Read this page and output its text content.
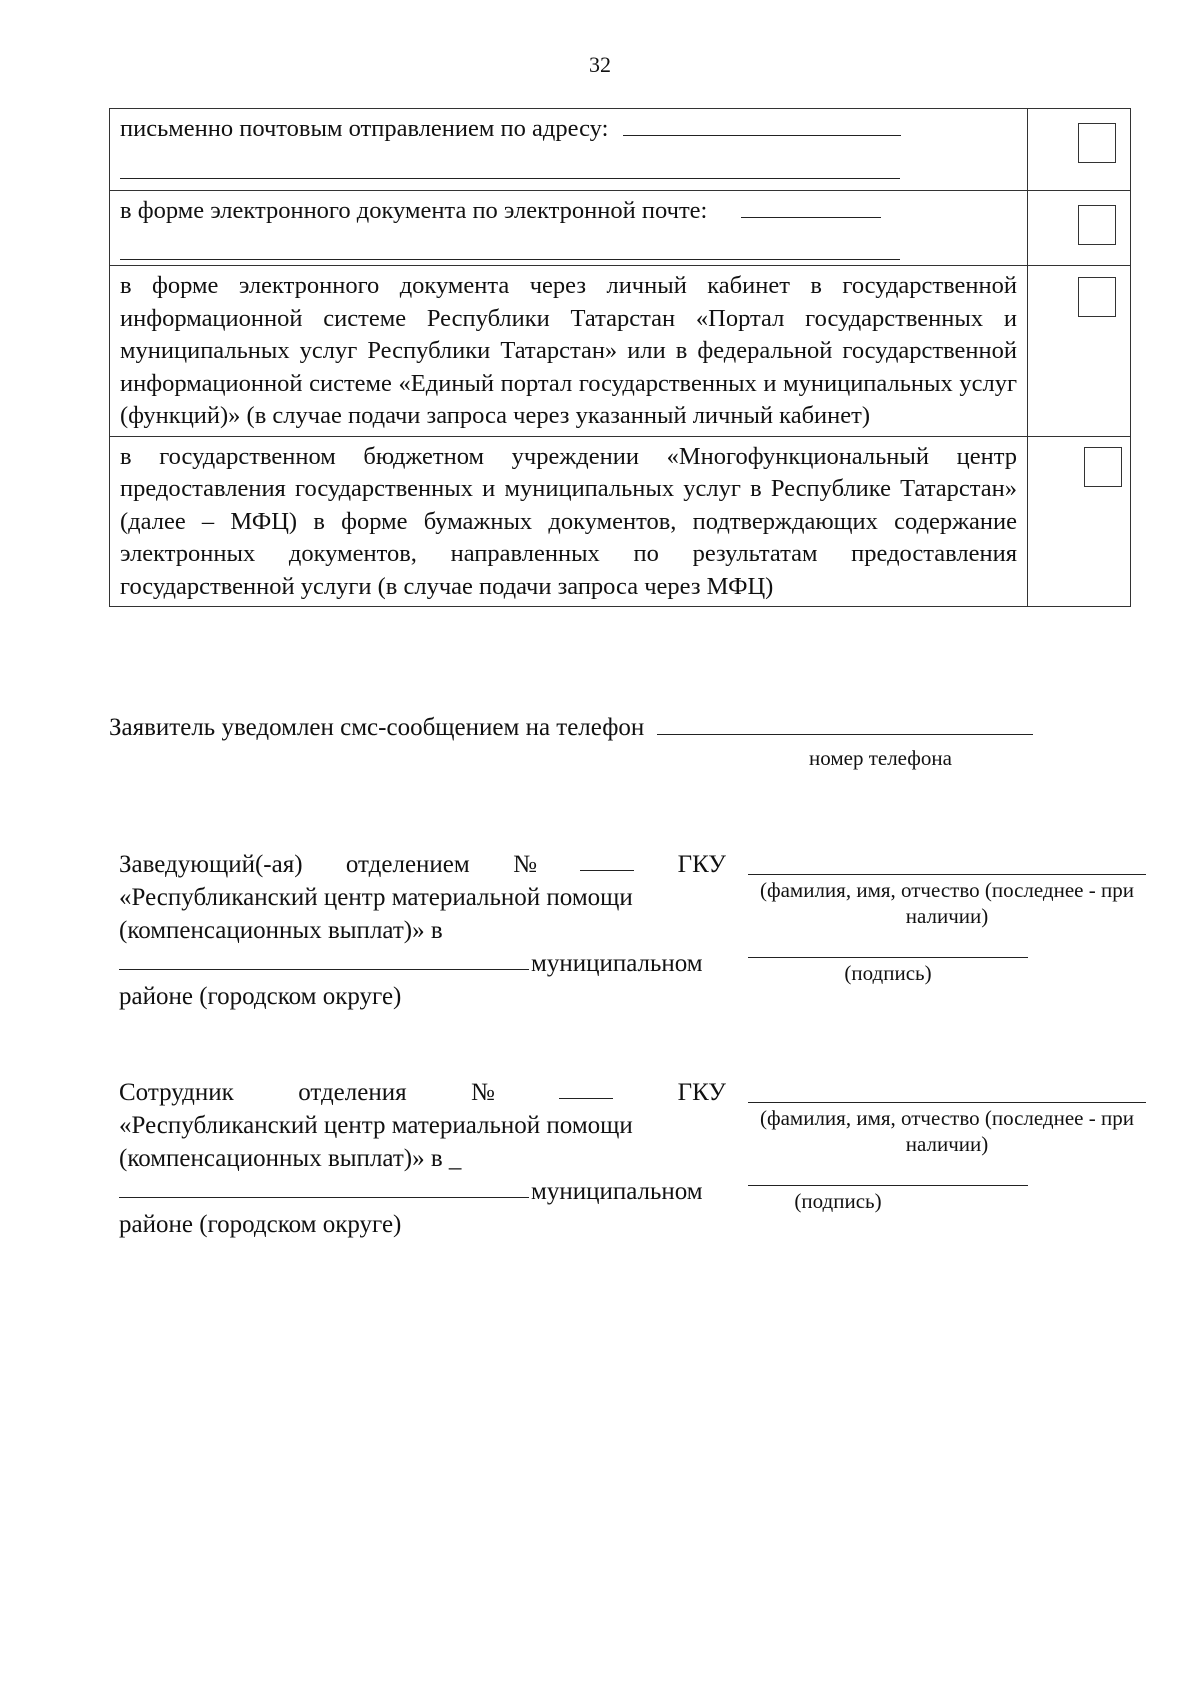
32
письменно почтовым отправлением по адресу:

в форме электронного документа по электронной почте:

в форме электронного документа через личный кабинет в государственной информационной системе Республики Татарстан «Портал государственных и муниципальных услуг Республики Татарстан» или в федеральной государственной информационной системе «Единый портал государственных и муниципальных услуг (функций)» (в случае подачи запроса через указанный личный кабинет)	

в государственном бюджетном учреждении «Многофункциональный центр предоставления государственных и муниципальных услуг в Республике Татарстан» (далее – МФЦ) в форме бумажных документов, подтверждающих содержание электронных документов, направленных по результатам предоставления государственной услуги (в случае подачи запроса через МФЦ)	
Заявитель уведомлен смс-сообщением на телефон
номер телефона
Заведующий(-ая) отделением №	ГКУ
«Республиканский центр материальной помощи
(компенсационных выплат)» в
муниципальном
районе (городском округе)
(фамилия, имя, отчество (последнее - при наличии)
(подпись)
Сотрудник	отделения	№	ГКУ
«Республиканский центр материальной помощи
(компенсационных выплат)» в _
муниципальном
районе (городском округе)
(фамилия, имя, отчество (последнее - при наличии)
(подпись)
